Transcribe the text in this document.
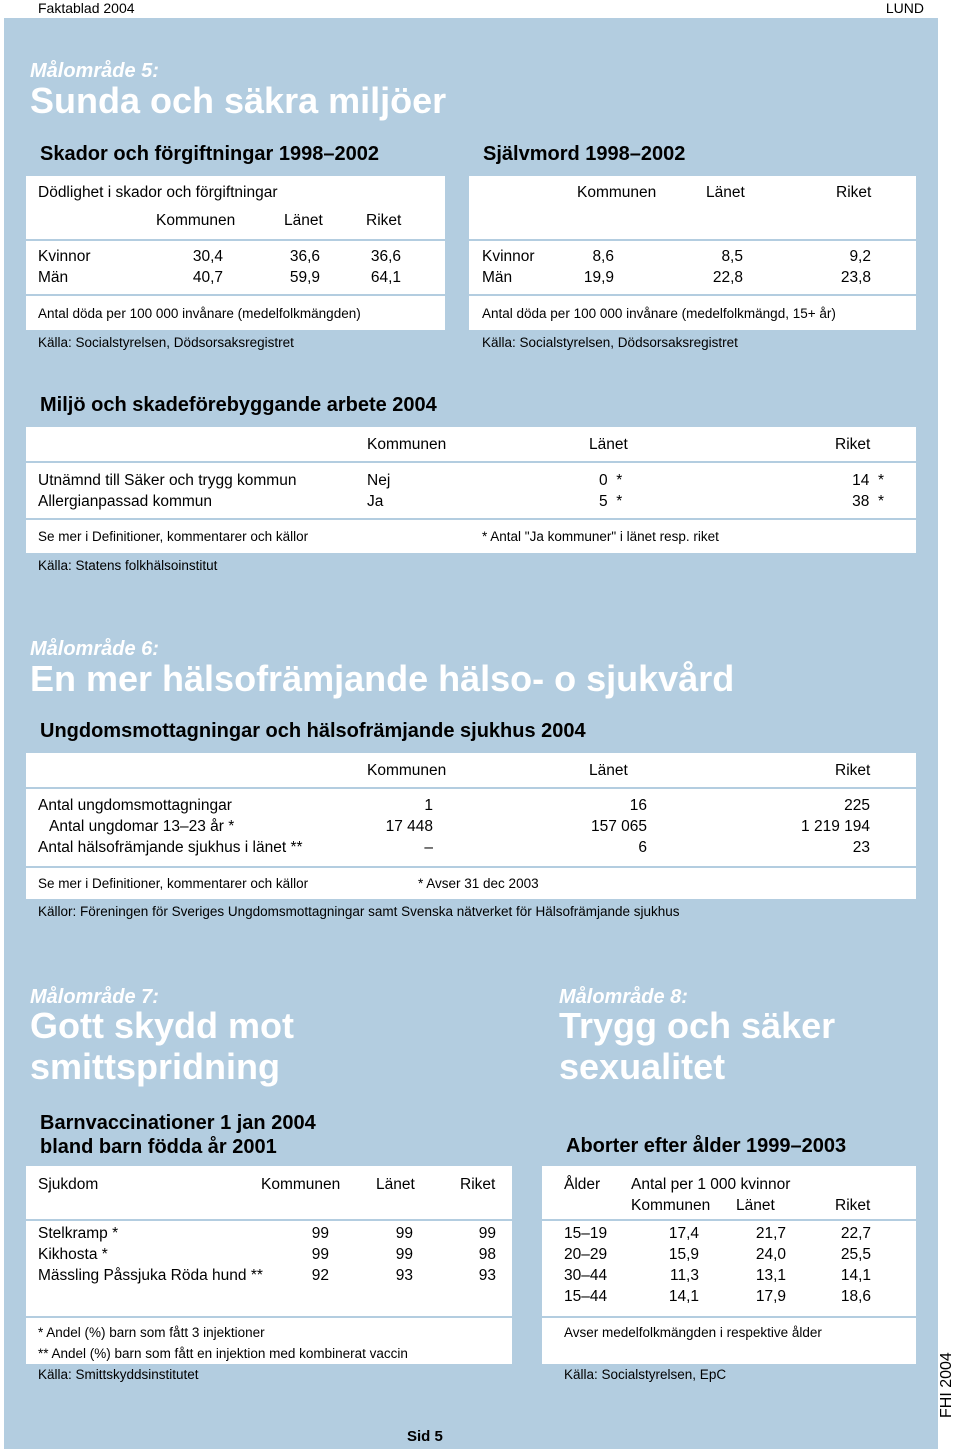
Faktablad 2004	LUND
FHI 2004
Målområde 5:
Sunda och säkra miljöer
Skador och förgiftningar 1998–2002	Självmord 1998–2002
Dödlighet i skador och förgiftningar
Kommunen	Länet	Riket
Kvinnor	30,4	36,6	36,6
Män	40,7	59,9	64,1
Antal döda per 100 000 invånare (medelfolkmängden)
Källa: Socialstyrelsen, Dödsorsaksregistret
Kommunen	Länet	Riket
Kvinnor	8,6	8,5	9,2
Män	19,9	22,8	23,8
Antal döda per 100 000 invånare (medelfolkmängd, 15+ år)
Källa: Socialstyrelsen, Dödsorsaksregistret
Miljö och skadeförebyggande arbete 2004
Kommunen	Länet	Riket
Utnämnd till Säker och trygg kommun	Nej	0  *	14  *
Allergianpassad kommun	Ja	5  *	38  *
Se mer i Definitioner, kommentarer och källor	* Antal "Ja kommuner" i länet resp. riket
Källa: Statens folkhälsoinstitut
Målområde 6:
En mer hälsofrämjande hälso- o sjukvård
Ungdomsmottagningar och hälsofrämjande sjukhus 2004
Kommunen	Länet	Riket
Antal ungdomsmottagningar	1	16	225
Antal ungdomar 13–23 år *	17 448	157 065	1 219 194
Antal hälsofrämjande sjukhus i länet **	–	6	23
Se mer i Definitioner, kommentarer och källor	* Avser 31 dec 2003
Källor: Föreningen för Sveriges Ungdomsmottagningar samt Svenska nätverket för Hälsofrämjande sjukhus
Målområde 7:
Gott skydd mot
smittspridning
Barnvaccinationer 1 jan 2004
bland barn födda år 2001
Sjukdom	Kommunen Länet	Riket
Stelkramp *	99	99	99
Kikhosta *	99	99	98
Mässling Påssjuka Röda hund **	92	93	93
* Andel (%) barn som fått 3 injektioner
** Andel (%) barn som fått en injektion med kombinerat vaccin
Källa: Smittskyddsinstitutet
Målområde 8:
Trygg och säker
sexualitet
Aborter efter ålder 1999–2003
Ålder Antal per 1 000 kvinnor
Kommunen Länet	Riket
15–19	17,4	21,7	22,7
20–29	15,9	24,0	25,5
30–44	11,3	13,1	14,1
15–44	14,1	17,9	18,6
Avser medelfolkmängden i respektive ålder
Källa: Socialstyrelsen, EpC
Sid 5
